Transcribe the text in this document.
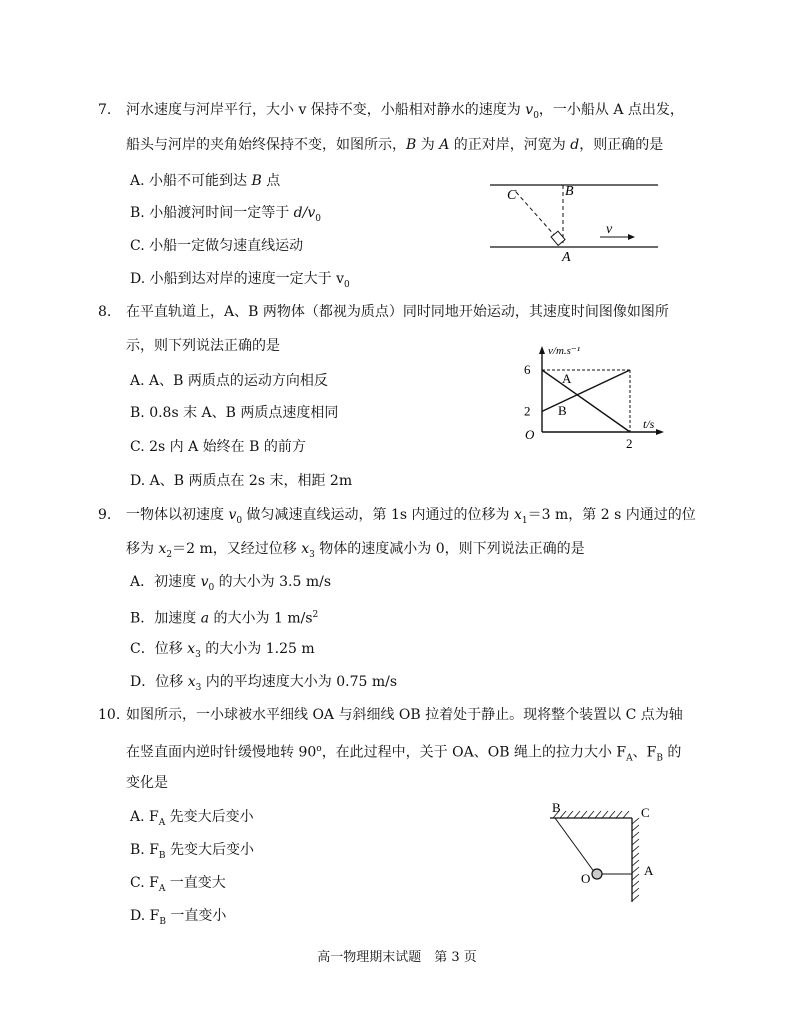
7. 河水速度与河岸平行，大小 v 保持不变，小船相对静水的速度为 $v_0$，一小船从 A 点出发，
船头与河岸的夹角始终保持不变，如图所示，B 为 A 的正对岸，河宽为 d，则正确的是
A. 小船不可能到达 B 点
B. 小船渡河时间一定等于 $d/v_0$
C. 小船一定做匀速直线运动
D. 小船到达对岸的速度一定大于 $v_0$
C	B
A
v
8. 在平直轨道上，A、B 两物体（都视为质点）同时同地开始运动，其速度时间图像如图所
示，则下列说法正确的是
A. A、B 两质点的运动方向相反
B. 0.8s 末 A、B 两质点速度相同
C. 2s 内 A 始终在 B 的前方
D. A、B 两质点在 2s 末，相距 2m
A
B
6
2
2
O
v/m.s⁻¹
t/s
9. 一物体以初速度 $v_0$ 做匀减速直线运动，第 1s 内通过的位移为 $x_1=3$ m，第 2 s 内通过的位
移为 $x_2=2$ m，又经过位移 $x_3$ 物体的速度减小为 0，则下列说法正确的是
A．初速度 $v_0$ 的大小为 3.5 m/s
B．加速度 a 的大小为 1 $m/s^2$
C．位移 $x_3$ 的大小为 1.25 m
D．位移 $x_3$ 内的平均速度大小为 0.75 m/s
10. 如图所示，一小球被水平细线 OA 与斜细线 OB 拉着处于静止。现将整个装置以 C 点为轴
在竖直面内逆时针缓慢地转 90$^o$，在此过程中，关于 OA、OB 绳上的拉力大小 $F_A$、$F_B$ 的
变化是
A. $F_A$ 先变大后变小
B. $F_B$ 先变大后变小
C. $F_A$ 一直变大
D. $F_B$ 一直变小
B	C
O
A
高一物理期末试题　第 3 页
